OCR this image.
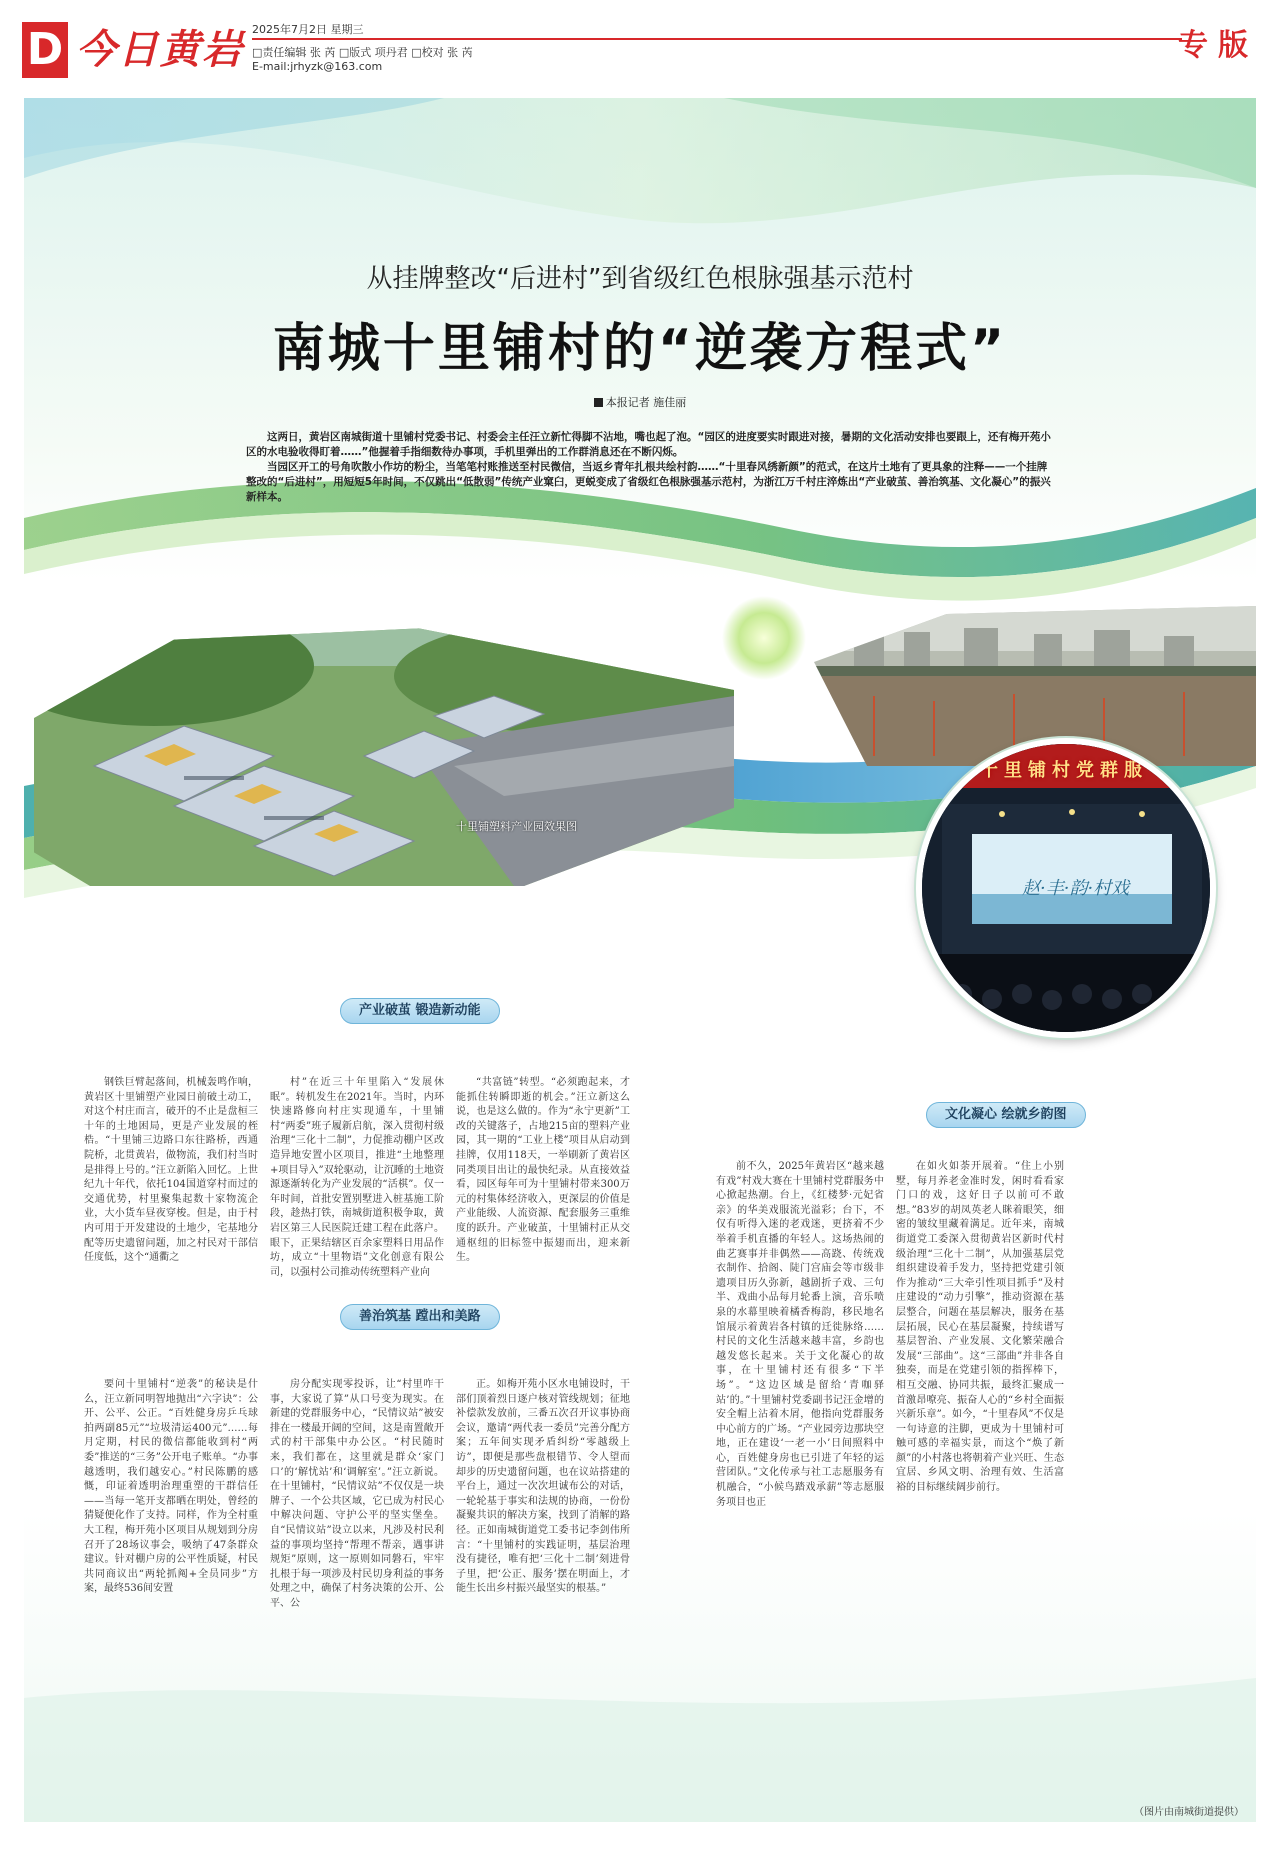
D 今日黄岩 2025年7月2日 星期三
□责任编辑 张 芮 □版式 项丹君 □校对 张 芮
E-mail:jrhyzk@163.com
专版
从挂牌整改“后进村”到省级红色根脉强基示范村
南城十里铺村的“逆袭方程式”
本报记者 施佳丽

这两日，黄岩区南城街道十里铺村党委书记、村委会主任汪立新忙得脚不沾地，嘴也起了泡。“园区的进度要实时跟进对接，暑期的文化活动安排也要跟上，还有梅开苑小区的水电验收得盯着……”他握着手指细数待办事项，手机里弹出的工作群消息还在不断闪烁。

当园区开工的号角吹散小作坊的粉尘，当笔笔村账推送至村民微信，当返乡青年扎根共绘村韵……“十里春风绣新颜”的范式，在这片土地有了更具象的注释——一个挂牌整改的“后进村”，用短短5年时间，不仅跳出“低散弱”传统产业窠臼，更蜕变成了省级红色根脉强基示范村，为浙江万千村庄淬炼出“产业破茧、善治筑基、文化凝心”的振兴新样本。

十里铺塑料产业园效果图
十里铺村党群服
赵·丰·韵·村戏
产业破茧 锻造新动能

钢铁巨臂起落间，机械轰鸣作响，黄岩区十里铺塑产业园日前破土动工，对这个村庄而言，破开的不止是盘桓三十年的土地困局，更是产业发展的桎梏。“十里铺三边路口东往路桥，西通院桥，北贯黄岩，做物流，我们村当时是排得上号的。”汪立新陷入回忆。上世纪九十年代，依托104国道穿村而过的交通优势，村里聚集起数十家物流企业，大小货车昼夜穿梭。但是，由于村内可用于开发建设的土地少，宅基地分配等历史遗留问题，加之村民对干部信任度低，这个“通衢之

村”在近三十年里陷入“发展休眠”。转机发生在2021年。当时，内环快速路修向村庄实现通车，十里铺村“两委”班子履新启航，深入贯彻村级治理“三化十二制”，力促推动棚户区改造异地安置小区项目，推进“土地整理+项目导入”双轮驱动，让沉睡的土地资源逐渐转化为产业发展的“活棋”。仅一年时间，首批安置别墅进入桩基施工阶段，趁热打铁，南城街道积极争取，黄岩区第三人民医院迁建工程在此落户。眼下，正果结辖区百余家塑料日用品作坊，成立“十里物语”文化创意有限公司，以强村公司推动传统塑料产业向

“共富链”转型。“必须跑起来，才能抓住转瞬即逝的机会。”汪立新这么说，也是这么做的。作为“永宁更新”工改的关键落子，占地215亩的塑料产业园，其一期的“工业上楼”项目从启动到挂牌，仅用118天，一举刷新了黄岩区同类项目出让的最快纪录。从直接效益看，园区每年可为十里铺村带来300万元的村集体经济收入，更深层的价值是产业能级、人流资源、配套服务三重维度的跃升。产业破茧，十里铺村正从交通枢纽的旧标签中振翅而出，迎来新生。

善治筑基 蹚出和美路

要问十里铺村“逆袭”的秘诀是什么，汪立新同明智地抛出“六字诀”：公开、公平、公正。“百姓健身房乒乓球拍两副85元”“垃圾清运400元”……每月定期，村民的微信都能收到村“两委”推送的“三务”公开电子账单。“办事越透明，我们越安心。”村民陈鹏的感慨，印证着透明治理重塑的干群信任——当每一笔开支都晒在明处，曾经的猜疑便化作了支持。同样，作为全村重大工程，梅开苑小区项目从规划到分房召开了28场议事会，吸纳了47条群众建议。针对棚户房的公平性质疑，村民共同商议出“两轮抓阄+全员同步”方案，最终536间安置

房分配实现零投诉，让“村里咋干事，大家说了算”从口号变为现实。在新建的党群服务中心，“民情议站”被安排在一楼最开阔的空间，这是南置敞开式的村干部集中办公区。“村民随时来，我们都在，这里就是群众‘家门口’的‘解忧站’和‘调解室’。”汪立新说。在十里铺村，“民情议站”不仅仅是一块牌子、一个公共区域，它已成为村民心中解决问题、守护公平的坚实堡垒。自“民情议站”设立以来，凡涉及村民利益的事项均坚持“帮理不帮亲，遇事讲规矩”原则，这一原则如同磐石，牢牢扎根于每一项涉及村民切身利益的事务处理之中，确保了村务决策的公开、公平、公

正。如梅开苑小区水电铺设时，干部们顶着烈日逐户核对管线规划；征地补偿款发放前，三番五次召开议事协商会议，邀请“两代表一委员”完善分配方案；五年间实现矛盾纠纷“零越级上访”，即便是那些盘根错节、令人望而却步的历史遗留问题，也在议站搭建的平台上，通过一次次坦诚布公的对话，一轮轮基于事实和法规的协商，一份份凝聚共识的解决方案，找到了消解的路径。正如南城街道党工委书记李剑伟所言：“十里铺村的实践证明，基层治理没有捷径，唯有把‘三化十二制’刻进骨子里，把‘公正、服务’摆在明面上，才能生长出乡村振兴最坚实的根基。”

文化凝心 绘就乡韵图

前不久，2025年黄岩区“越来越有戏”村戏大赛在十里铺村党群服务中心掀起热潮。台上，《红楼梦·元妃省亲》的华美戏服流光溢彩；台下，不仅有听得入迷的老戏迷，更挤着不少举着手机直播的年轻人。这场热闹的曲艺赛事并非偶然——高跷、传统戏衣制作、拾阁、陡门宫庙会等市级非遗项目历久弥新，越剧折子戏、三句半、戏曲小品每月轮番上演，音乐喷泉的水幕里映着橘香梅韵，移民地名馆展示着黄岩各村镇的迁徙脉络……村民的文化生活越来越丰富，乡韵也越发悠长起来。关于文化凝心的故事，在十里铺村还有很多“下半场”。“这边区域是留给‘青咖驿站’的。”十里铺村党委副书记汪金增的安全帽上沾着木屑，他指向党群服务中心前方的广场。“产业园旁边那块空地，正在建设‘一老一小’日间照料中心，百姓健身房也已引进了年轻的运营团队。”文化传承与社工志愿服务有机融合，“小候鸟踏戏承薪”等志愿服务项目也正

在如火如荼开展着。“住上小别墅，每月养老金准时发，闲时看看家门口的戏，这好日子以前可不敢想。”83岁的胡凤英老人眯着眼笑，细密的皱纹里藏着满足。近年来，南城街道党工委深入贯彻黄岩区新时代村级治理“三化十二制”，从加强基层党组织建设着手发力，坚持把党建引领作为推动“三大牵引性项目抓手”及村庄建设的“动力引擎”，推动资源在基层整合，问题在基层解决，服务在基层拓展，民心在基层凝聚，持续谱写基层智治、产业发展、文化繁荣融合发展“三部曲”。这“三部曲”并非各自独奏，而是在党建引领的指挥棒下，相互交融、协同共振，最终汇聚成一首激昂嘹亮、振奋人心的“乡村全面振兴新乐章”。如今，“十里春风”不仅是一句诗意的注脚，更成为十里铺村可触可感的幸福实景，而这个“焕了新颜”的小村落也将朝着产业兴旺、生态宜居、乡风文明、治理有效、生活富裕的目标继续阔步前行。

（图片由南城街道提供）
